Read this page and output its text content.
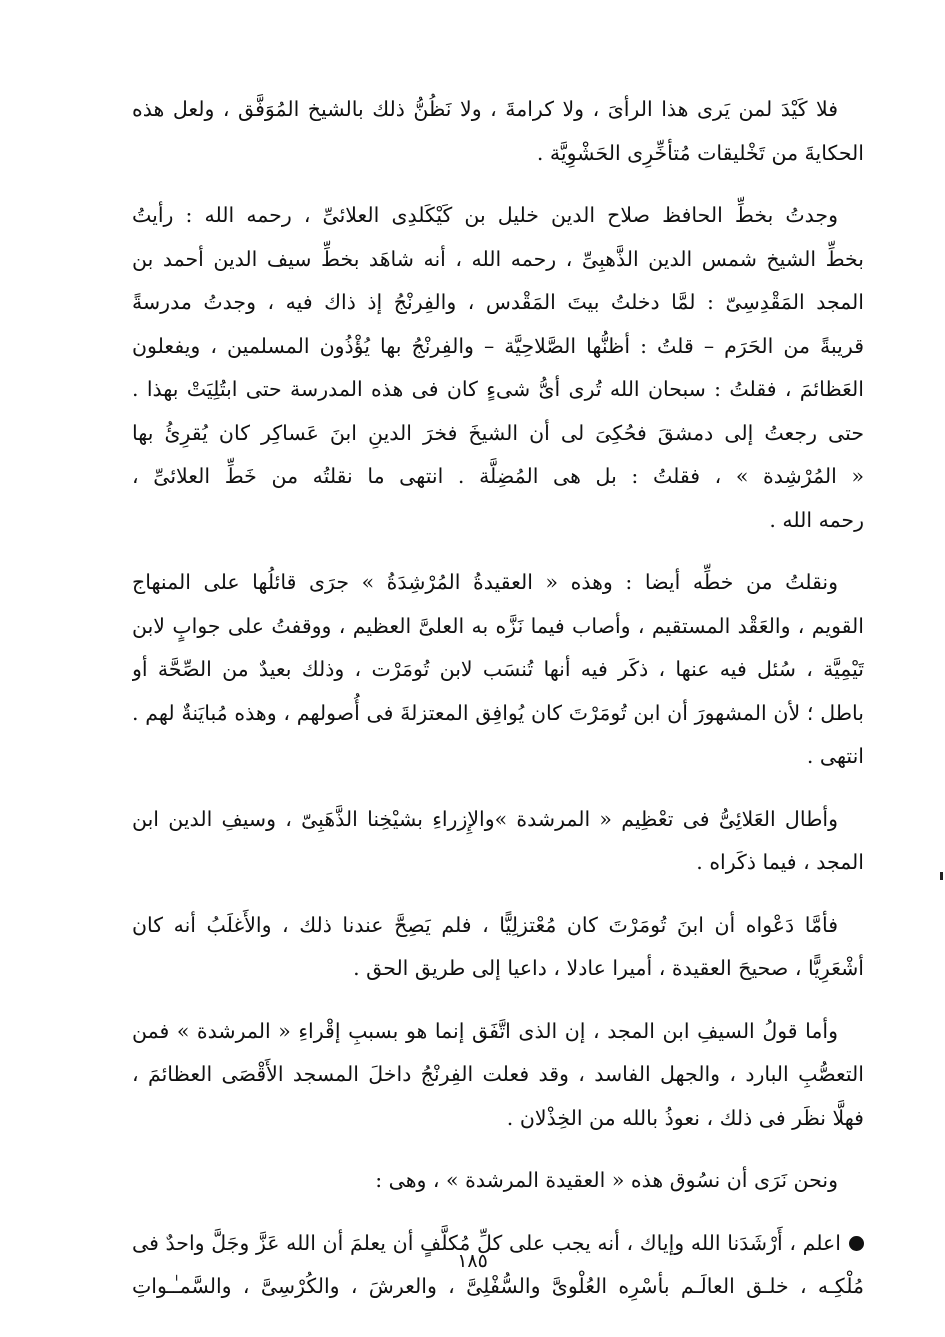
فلا كَيْدَ لمن يَرى هذا الرأىَ ، ولا كرامةَ ، ولا نَظُنُّ ذلك بالشيخ المُوَفَّق ، ولعل هذه
الحكايةَ من تَخْليقات مُتأخِّرِى الحَشْوِيَّة .
وجدتُ بخطِّ الحافظ صلاح الدين خليل بن كَيْكَلدِى العلائىِّ ، رحمه الله : رأيتُ
بخطِّ الشيخ شمس الدين الذَّهبِىِّ ، رحمه الله ، أنه شاهَد بخطِّ سيف الدين أحمد بن
المجد المَقْدِسِىّ : لمَّا دخلتُ بيتَ المَقْدس ، والفِرنْجُ إذ ذاك فيه ، وجدتُ مدرسةً
قريبةً من الحَرَم – قلتُ : أظنُّها الصَّلاحِيَّة – والفِرنْجُ بها يُؤْذُون المسلمين ، ويفعلون
العَظائمَ ، فقلتُ : سبحان الله تُرى أىُّ شىءٍ كان فى هذه المدرسة حتى ابتُلِيَتْ بهذا .
حتى رجعتُ إلى دمشقَ فحُكِىَ لى أن الشيخَ فخرَ الدينِ ابنَ عَساكِر كان يُقرِئُ بها
« المُرْشِدة » ، فقلتُ : بل هى المُضِلَّة . انتهى ما نقلتُه من خَطِّ العلائىِّ ،
رحمه الله .
ونقلتُ من خطِّه أيضا : وهذه « العقيدةُ المُرْشِدَةُ » جرَى قائلُها على المنهاج
القويم ، والعَقْد المستقيم ، وأصاب فيما نَزَّه به العلىَّ العظيم ، ووقفتُ على جوابٍ لابن
تَيْمِيَّة ، سُئل فيه عنها ، ذكَر فيه أنها تُنسَب لابن تُومَرْت ، وذلك بعيدٌ من الصِّحَّة أو
باطل ؛ لأن المشهورَ أن ابن تُومَرْتَ كان يُوافِق المعتزلةَ فى أُصولهم ، وهذه مُبايَنةٌ لهم .
انتهى .
وأطال العَلائِىُّ فى تعْظِيم « المرشدة »والإِزراءِ بشيْخِنا الذَّهَبِىّ ، وسيفِ الدين ابن
المجد ، فيما ذكَراه .
فأمَّا دَعْواه أن ابنَ تُومَرْتَ كان مُعْتزلِيًّا ، فلم يَصِحَّ عندنا ذلك ، والأَغلَبُ أنه كان
أشْعَرِيًّا ، صحيحَ العقيدة ، أميرا عادلا ، داعيا إلى طريق الحق .
وأما قولُ السيفِ ابن المجد ، إن الذى اتَّفَق إنما هو بسببِ إقْراءِ « المرشدة » فمن
التعصُّبِ البارد ، والجهل الفاسد ، وقد فعلت الفِرنْجُ داخلَ المسجد الأَقْصَى العظائمَ ،
فهلَّا نظَر فى ذلك ، نعوذُ بالله من الخِذْلان .
ونحن نَرَى أن نسُوق هذه « العقيدة المرشدة » ، وهى :
اعلم ، أَرْشَدَنا الله وإياك ، أنه يجب على كلِّ مُكلَّفٍ أن يعلمَ أن الله عَزَّ وجَلَّ واحدٌ فى
مُلْكِـه ، خلـق العالَـم بأسْرِه العُلْوىَّ والسُّفْلِىَّ ، والعرشَ ، والكُرْسِىَّ ، والسَّمـٰـواتِ
١٨٥
